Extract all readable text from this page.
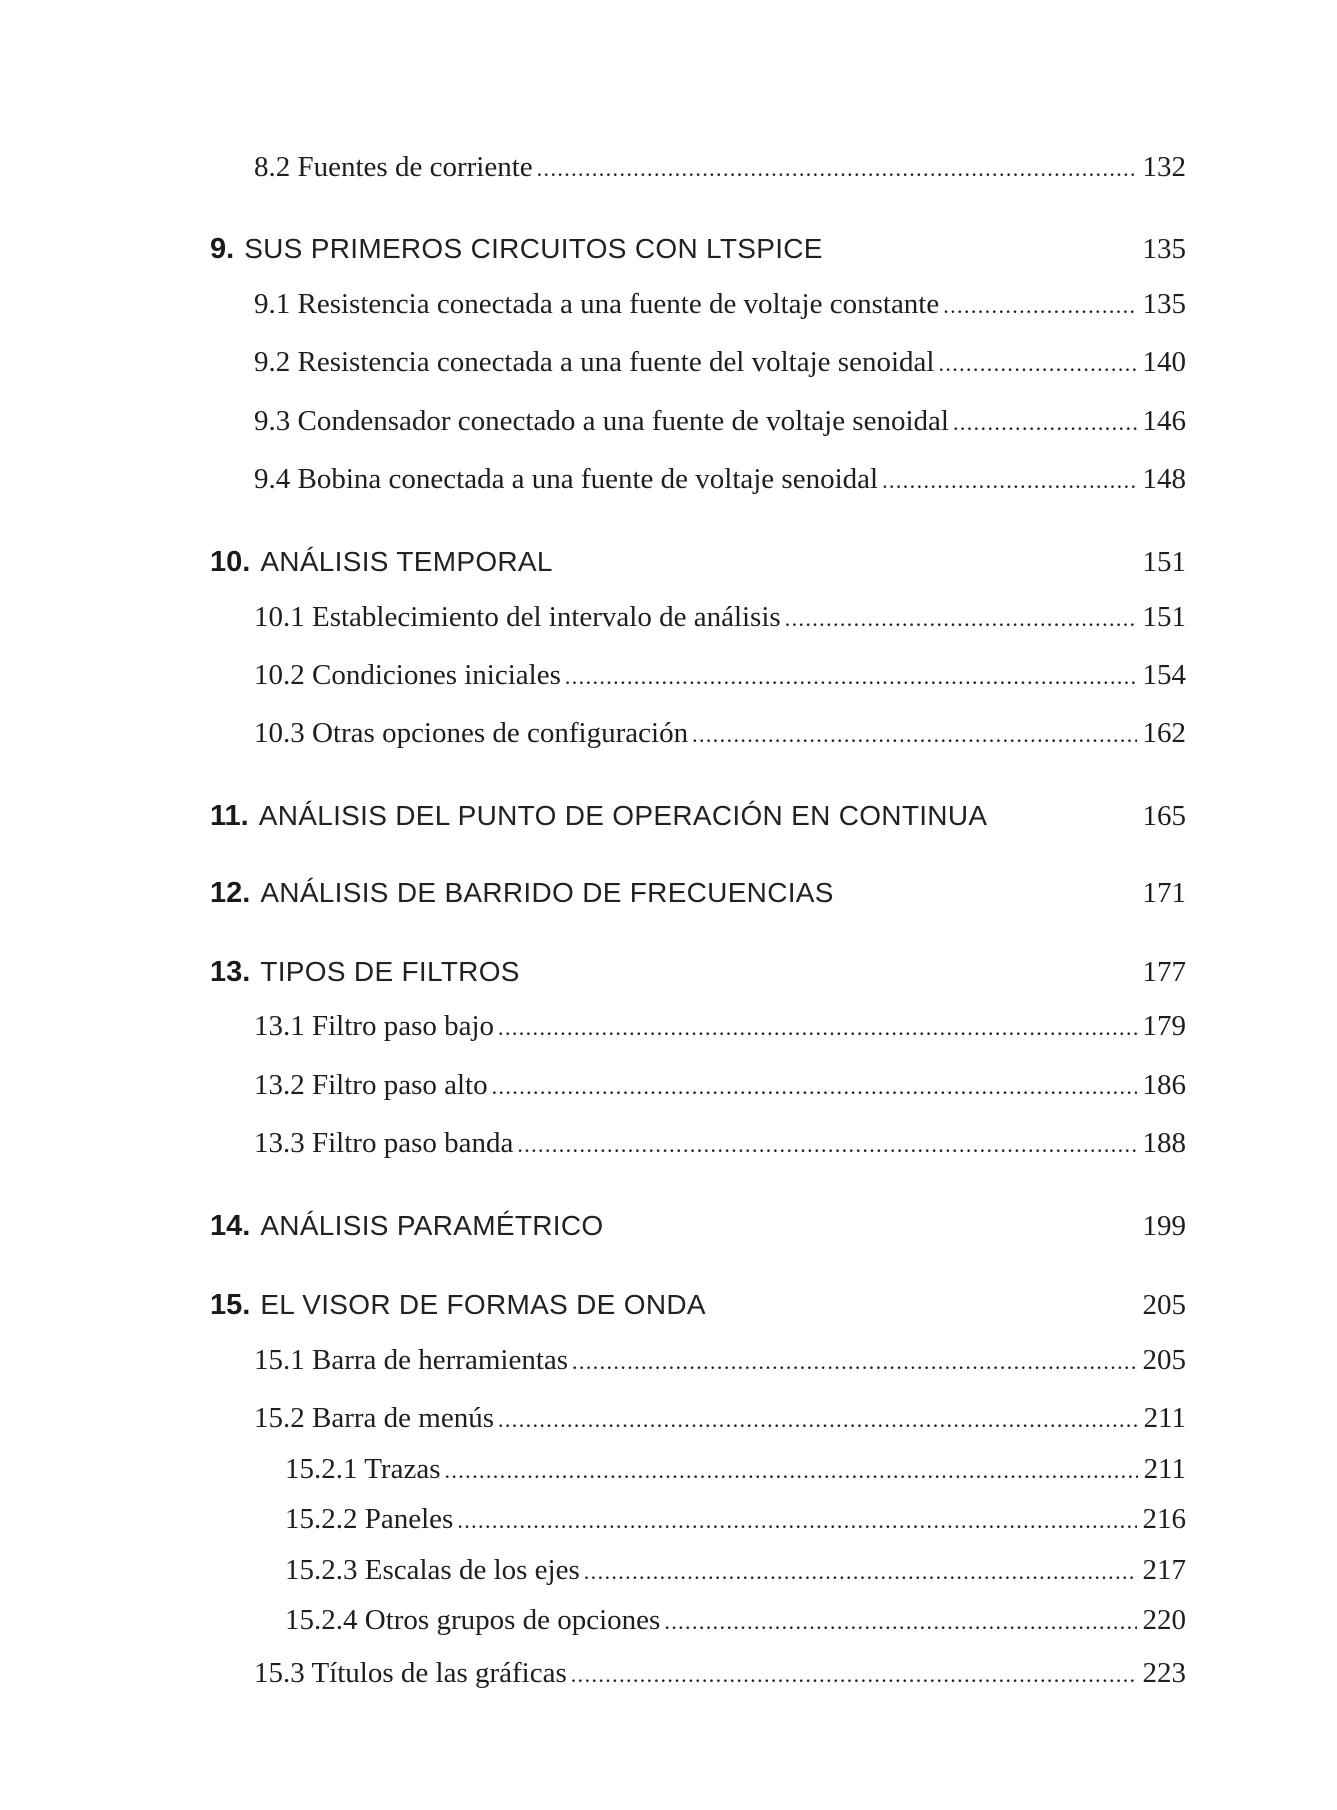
8.2 Fuentes de corriente .....	132
9. SUS PRIMEROS CIRCUITOS CON LTSPICE	135
9.1 Resistencia conectada a una fuente de voltaje constante .....	135
9.2 Resistencia conectada a una fuente del voltaje senoidal .....	140
9.3 Condensador conectado a una fuente de voltaje senoidal .....	146
9.4 Bobina conectada a una fuente de voltaje senoidal .....	148
10. ANÁLISIS TEMPORAL	151
10.1 Establecimiento del intervalo de análisis .....	151
10.2 Condiciones iniciales .....	154
10.3 Otras opciones de configuración .....	162
11. ANÁLISIS DEL PUNTO DE OPERACIÓN EN CONTINUA	165
12. ANÁLISIS DE BARRIDO DE FRECUENCIAS	171
13. TIPOS DE FILTROS	177
13.1 Filtro paso bajo .....	179
13.2 Filtro paso alto .....	186
13.3 Filtro paso banda .....	188
14. ANÁLISIS PARAMÉTRICO	199
15. EL VISOR DE FORMAS DE ONDA	205
15.1 Barra de herramientas .....	205
15.2 Barra de menús .....	211
15.2.1 Trazas .....	211
15.2.2 Paneles .....	216
15.2.3 Escalas de los ejes .....	217
15.2.4 Otros grupos de opciones .....	220
15.3 Títulos de las gráficas .....	223
